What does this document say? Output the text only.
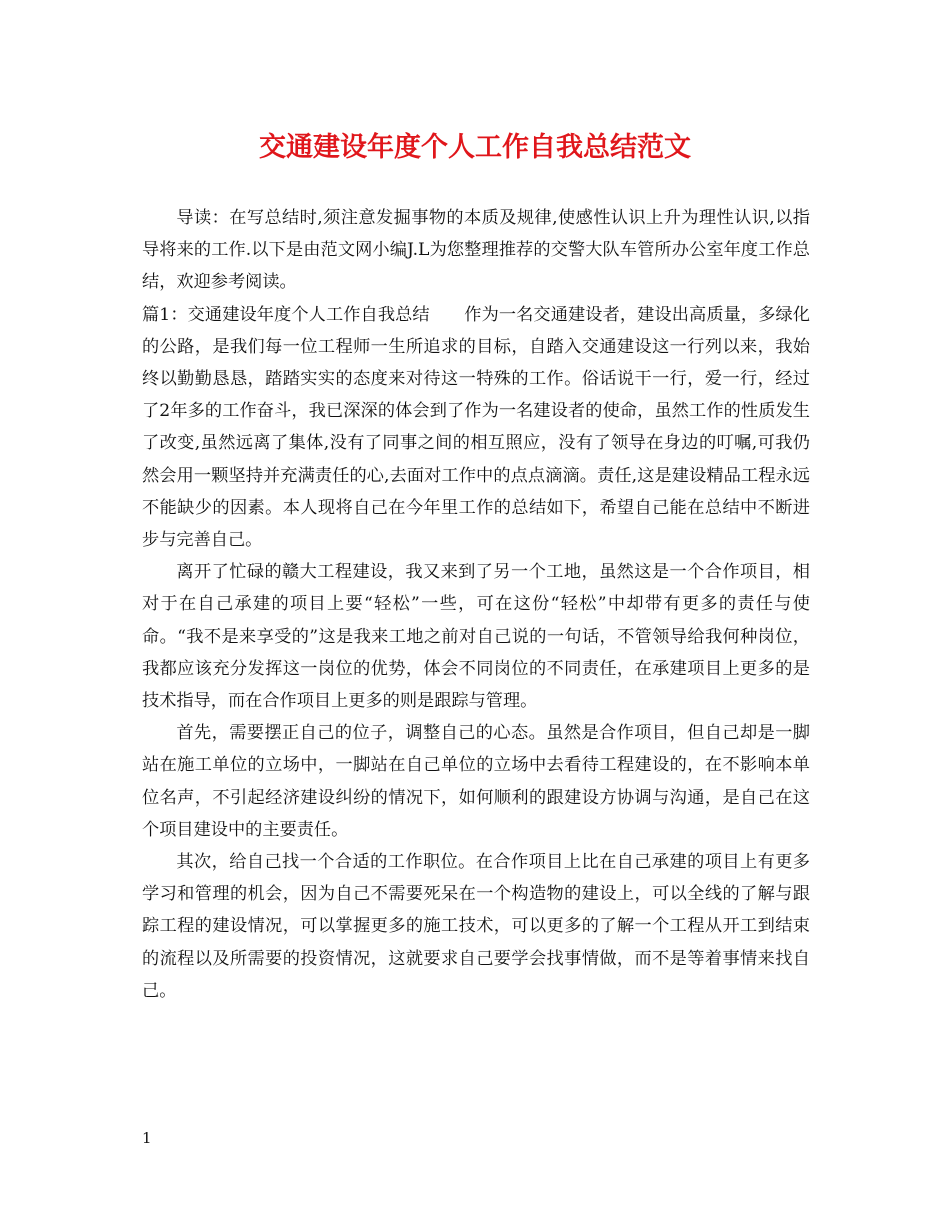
交通建设年度个人工作自我总结范文

导读：在写总结时,须注意发掘事物的本质及规律,使感性认识上升为理性认识,以指导将来的工作.以下是由范文网小编J.L为您整理推荐的交警大队车管所办公室年度工作总结，欢迎参考阅读。

篇1：交通建设年度个人工作自我总结　　作为一名交通建设者，建设出高质量，多绿化的公路，是我们每一位工程师一生所追求的目标，自踏入交通建设这一行列以来，我始终以勤勤恳恳，踏踏实实的态度来对待这一特殊的工作。俗话说干一行，爱一行，经过了2年多的工作奋斗，我已深深的体会到了作为一名建设者的使命，虽然工作的性质发生了改变,虽然远离了集体,没有了同事之间的相互照应，没有了领导在身边的叮嘱,可我仍然会用一颗坚持并充满责任的心,去面对工作中的点点滴滴。责任,这是建设精品工程永远不能缺少的因素。本人现将自己在今年里工作的总结如下，希望自己能在总结中不断进步与完善自己。

离开了忙碌的赣大工程建设，我又来到了另一个工地，虽然这是一个合作项目，相对于在自己承建的项目上要“轻松”一些，可在这份“轻松”中却带有更多的责任与使命。“我不是来享受的”这是我来工地之前对自己说的一句话，不管领导给我何种岗位，我都应该充分发挥这一岗位的优势，体会不同岗位的不同责任，在承建项目上更多的是技术指导，而在合作项目上更多的则是跟踪与管理。

首先，需要摆正自己的位子，调整自己的心态。虽然是合作项目，但自己却是一脚站在施工单位的立场中，一脚站在自己单位的立场中去看待工程建设的，在不影响本单位名声，不引起经济建设纠纷的情况下，如何顺利的跟建设方协调与沟通，是自己在这个项目建设中的主要责任。

其次，给自己找一个合适的工作职位。在合作项目上比在自己承建的项目上有更多学习和管理的机会，因为自己不需要死呆在一个构造物的建设上，可以全线的了解与跟踪工程的建设情况，可以掌握更多的施工技术，可以更多的了解一个工程从开工到结束的流程以及所需要的投资情况，这就要求自己要学会找事情做，而不是等着事情来找自己。

1
